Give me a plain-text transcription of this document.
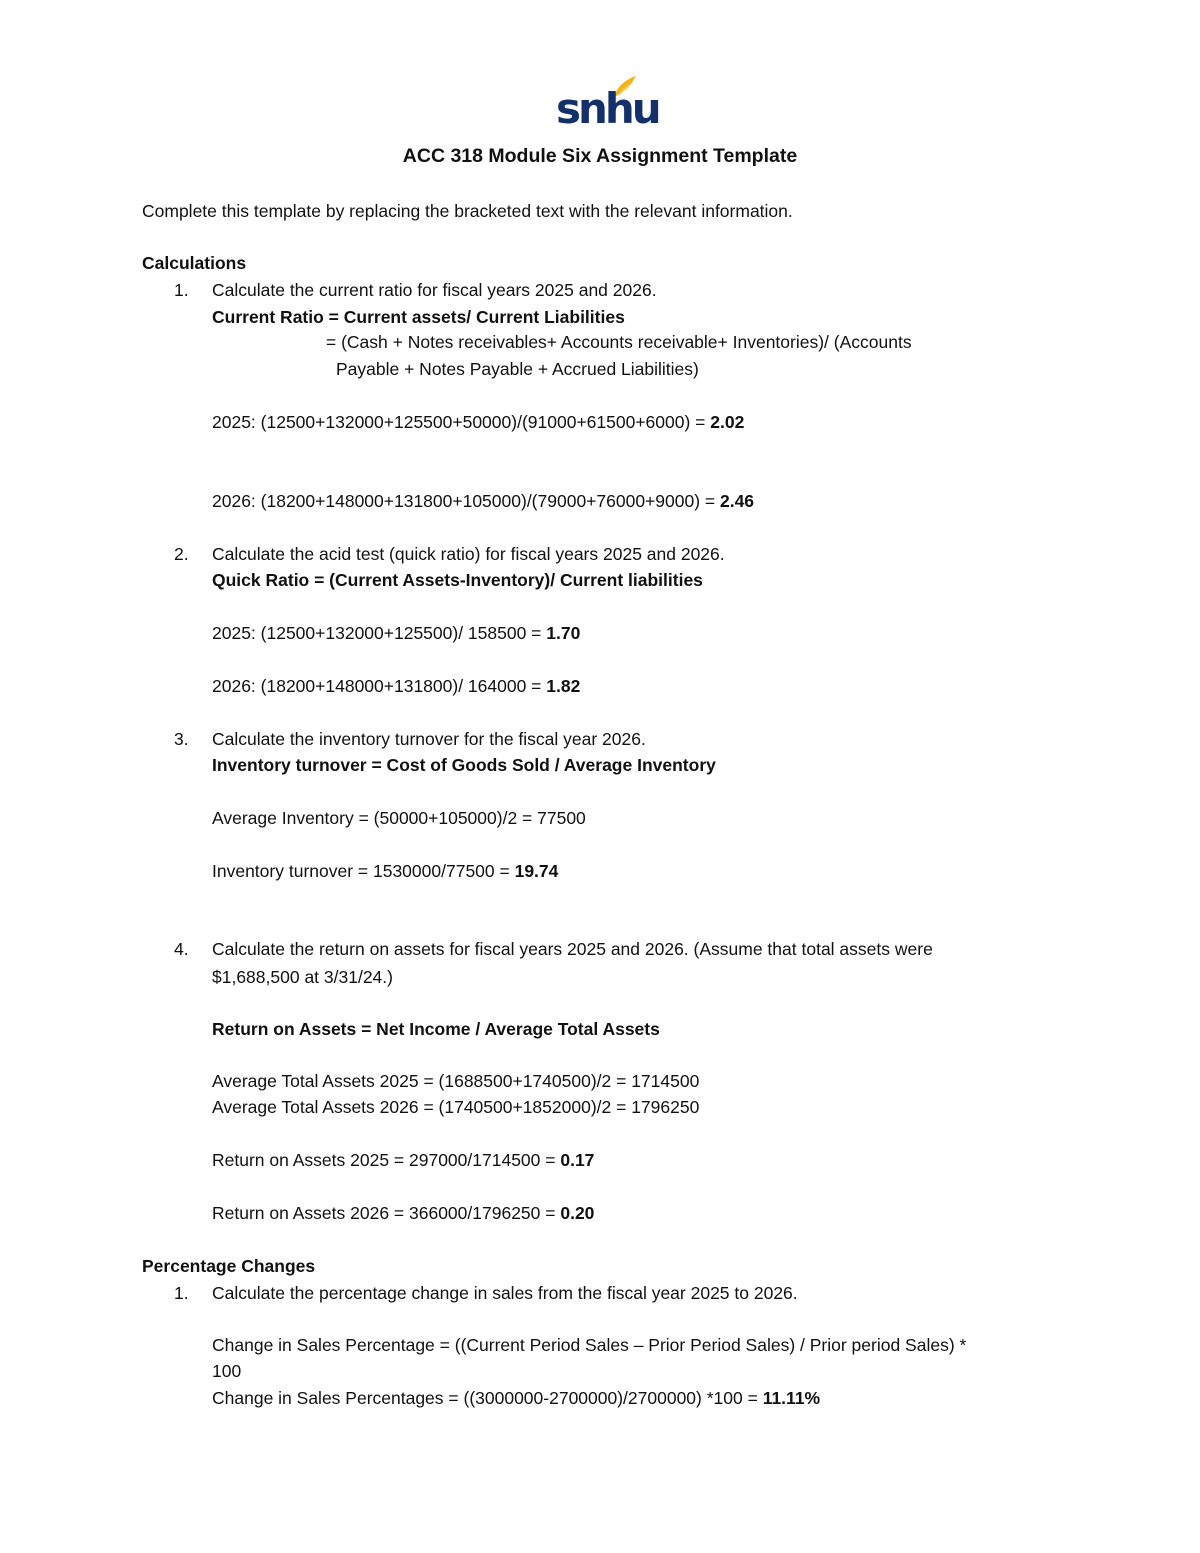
snhu
ACC 318 Module Six Assignment Template
Complete this template by replacing the bracketed text with the relevant information.
Calculations
1. Calculate the current ratio for fiscal years 2025 and 2026.
Current Ratio = Current assets/ Current Liabilities
= (Cash + Notes receivables+ Accounts receivable+ Inventories)/ (Accounts
Payable + Notes Payable + Accrued Liabilities)
2025: (12500+132000+125500+50000)/(91000+61500+6000) = 2.02
2026: (18200+148000+131800+105000)/(79000+76000+9000) = 2.46
2. Calculate the acid test (quick ratio) for fiscal years 2025 and 2026.
Quick Ratio = (Current Assets-Inventory)/ Current liabilities
2025: (12500+132000+125500)/ 158500 = 1.70
2026: (18200+148000+131800)/ 164000 = 1.82
3. Calculate the inventory turnover for the fiscal year 2026.
Inventory turnover = Cost of Goods Sold / Average Inventory
Average Inventory = (50000+105000)/2 = 77500
Inventory turnover = 1530000/77500 = 19.74
4. Calculate the return on assets for fiscal years 2025 and 2026. (Assume that total assets were
$1,688,500 at 3/31/24.)
Return on Assets = Net Income / Average Total Assets
Average Total Assets 2025 = (1688500+1740500)/2 = 1714500
Average Total Assets 2026 = (1740500+1852000)/2 = 1796250
Return on Assets 2025 = 297000/1714500 = 0.17
Return on Assets 2026 = 366000/1796250 = 0.20
Percentage Changes
1. Calculate the percentage change in sales from the fiscal year 2025 to 2026.
Change in Sales Percentage = ((Current Period Sales – Prior Period Sales) / Prior period Sales) *
100
Change in Sales Percentages = ((3000000-2700000)/2700000) *100 = 11.11%
